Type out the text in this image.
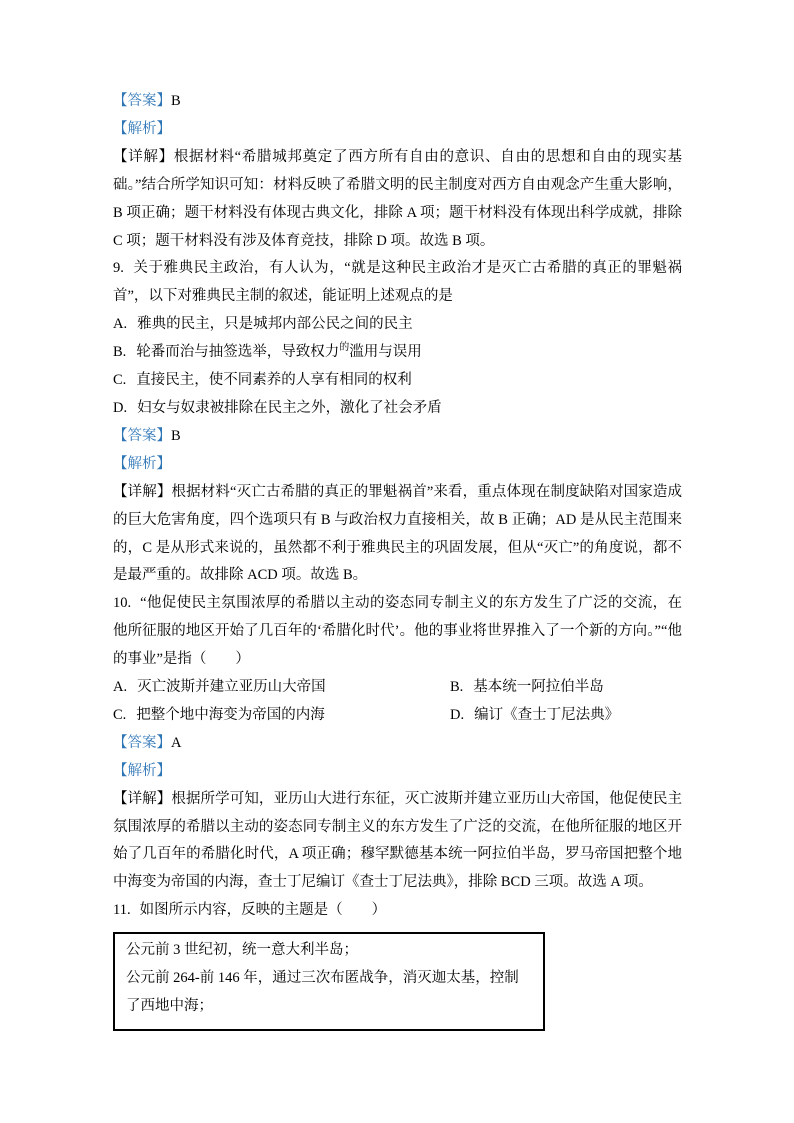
【答案】B

【解析】

【详解】根据材料“希腊城邦奠定了西方所有自由的意识、自由的思想和自由的现实基础。”结合所学知识可知：材料反映了希腊文明的民主制度对西方自由观念产生重大影响，B 项正确；题干材料没有体现古典文化，排除 A 项；题干材料没有体现出科学成就，排除 C 项；题干材料没有涉及体育竞技，排除 D 项。故选 B 项。

9. 关于雅典民主政治，有人认为，“就是这种民主政治才是灭亡古希腊的真正的罪魁祸首”，以下对雅典民主制的叙述，能证明上述观点的是

A. 雅典的民主，只是城邦内部公民之间的民主

B. 轮番而治与抽签选举，导致权力$^的$滥用与误用

C. 直接民主，使不同素养的人享有相同的权利

D. 妇女与奴隶被排除在民主之外，激化了社会矛盾

【答案】B

【解析】

【详解】根据材料“灭亡古希腊的真正的罪魁祸首”来看，重点体现在制度缺陷对国家造成的巨大危害角度，四个选项只有 B 与政治权力直接相关，故 B 正确；AD 是从民主范围来的，C 是从形式来说的，虽然都不利于雅典民主的巩固发展，但从“灭亡”的角度说，都不是最严重的。故排除 ACD 项。故选 B。

10. “他促使民主氛围浓厚的希腊以主动的姿态同专制主义的东方发生了广泛的交流，在他所征服的地区开始了几百年的‘希腊化时代’。他的事业将世界推入了一个新的方向。”“他的事业”是指（　　）

A. 灭亡波斯并建立亚历山大帝国	B. 基本统一阿拉伯半岛

C. 把整个地中海变为帝国的内海	D. 编订《查士丁尼法典》

【答案】A

【解析】

【详解】根据所学可知，亚历山大进行东征，灭亡波斯并建立亚历山大帝国，他促使民主氛围浓厚的希腊以主动的姿态同专制主义的东方发生了广泛的交流，在他所征服的地区开始了几百年的希腊化时代，A 项正确；穆罕默德基本统一阿拉伯半岛，罗马帝国把整个地中海变为帝国的内海，查士丁尼编订《查士丁尼法典》，排除 BCD 三项。故选 A 项。

11. 如图所示内容，反映的主题是（　　）

公元前 3 世纪初，统一意大利半岛；

公元前 264-前 146 年，通过三次布匿战争，消灭迦太基，控制了西地中海；
